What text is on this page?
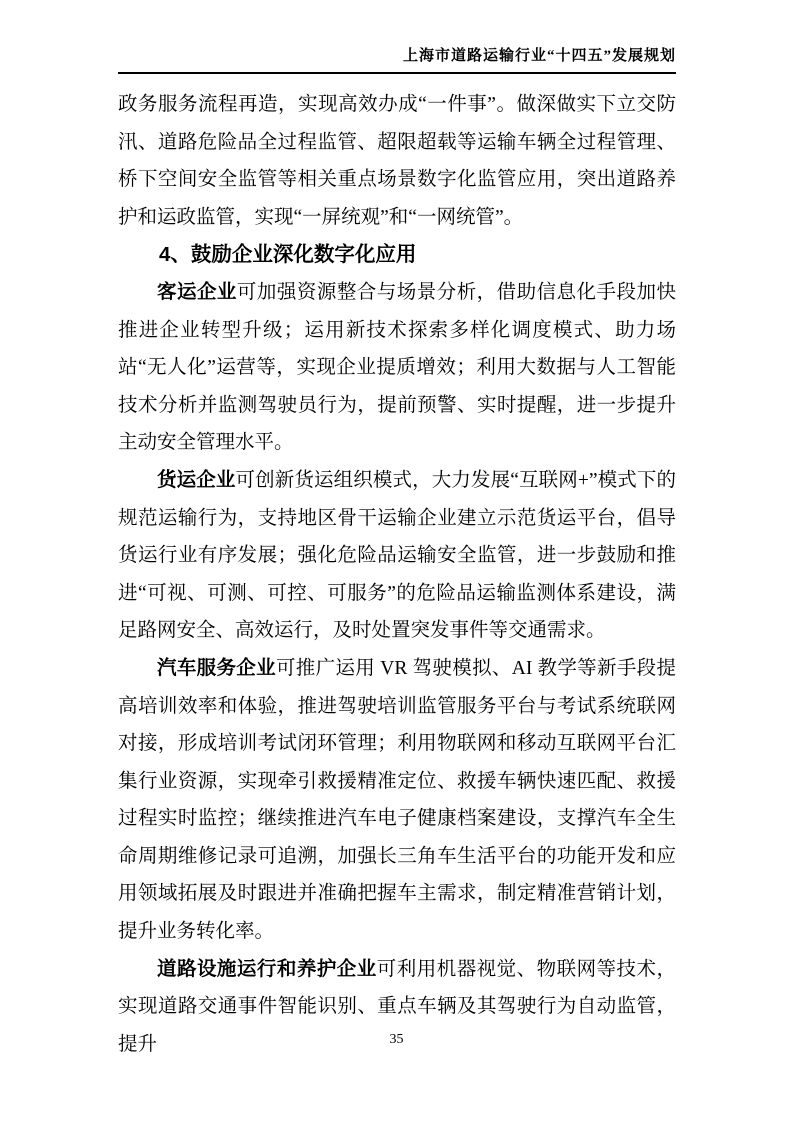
上海市道路运输行业“十四五”发展规划

政务服务流程再造，实现高效办成“一件事”。做深做实下立交防汛、道路危险品全过程监管、超限超载等运输车辆全过程管理、桥下空间安全监管等相关重点场景数字化监管应用，突出道路养护和运政监管，实现“一屏统观”和“一网统管”。

4、鼓励企业深化数字化应用

客运企业可加强资源整合与场景分析，借助信息化手段加快推进企业转型升级；运用新技术探索多样化调度模式、助力场站“无人化”运营等，实现企业提质增效；利用大数据与人工智能技术分析并监测驾驶员行为，提前预警、实时提醒，进一步提升主动安全管理水平。

货运企业可创新货运组织模式，大力发展“互联网+”模式下的规范运输行为，支持地区骨干运输企业建立示范货运平台，倡导货运行业有序发展；强化危险品运输安全监管，进一步鼓励和推进“可视、可测、可控、可服务”的危险品运输监测体系建设，满足路网安全、高效运行，及时处置突发事件等交通需求。

汽车服务企业可推广运用 VR 驾驶模拟、AI 教学等新手段提高培训效率和体验，推进驾驶培训监管服务平台与考试系统联网对接，形成培训考试闭环管理；利用物联网和移动互联网平台汇集行业资源，实现牵引救援精准定位、救援车辆快速匹配、救援过程实时监控；继续推进汽车电子健康档案建设，支撑汽车全生命周期维修记录可追溯，加强长三角车生活平台的功能开发和应用领域拓展及时跟进并准确把握车主需求，制定精准营销计划，提升业务转化率。

道路设施运行和养护企业可利用机器视觉、物联网等技术，实现道路交通事件智能识别、重点车辆及其驾驶行为自动监管，提升	35
